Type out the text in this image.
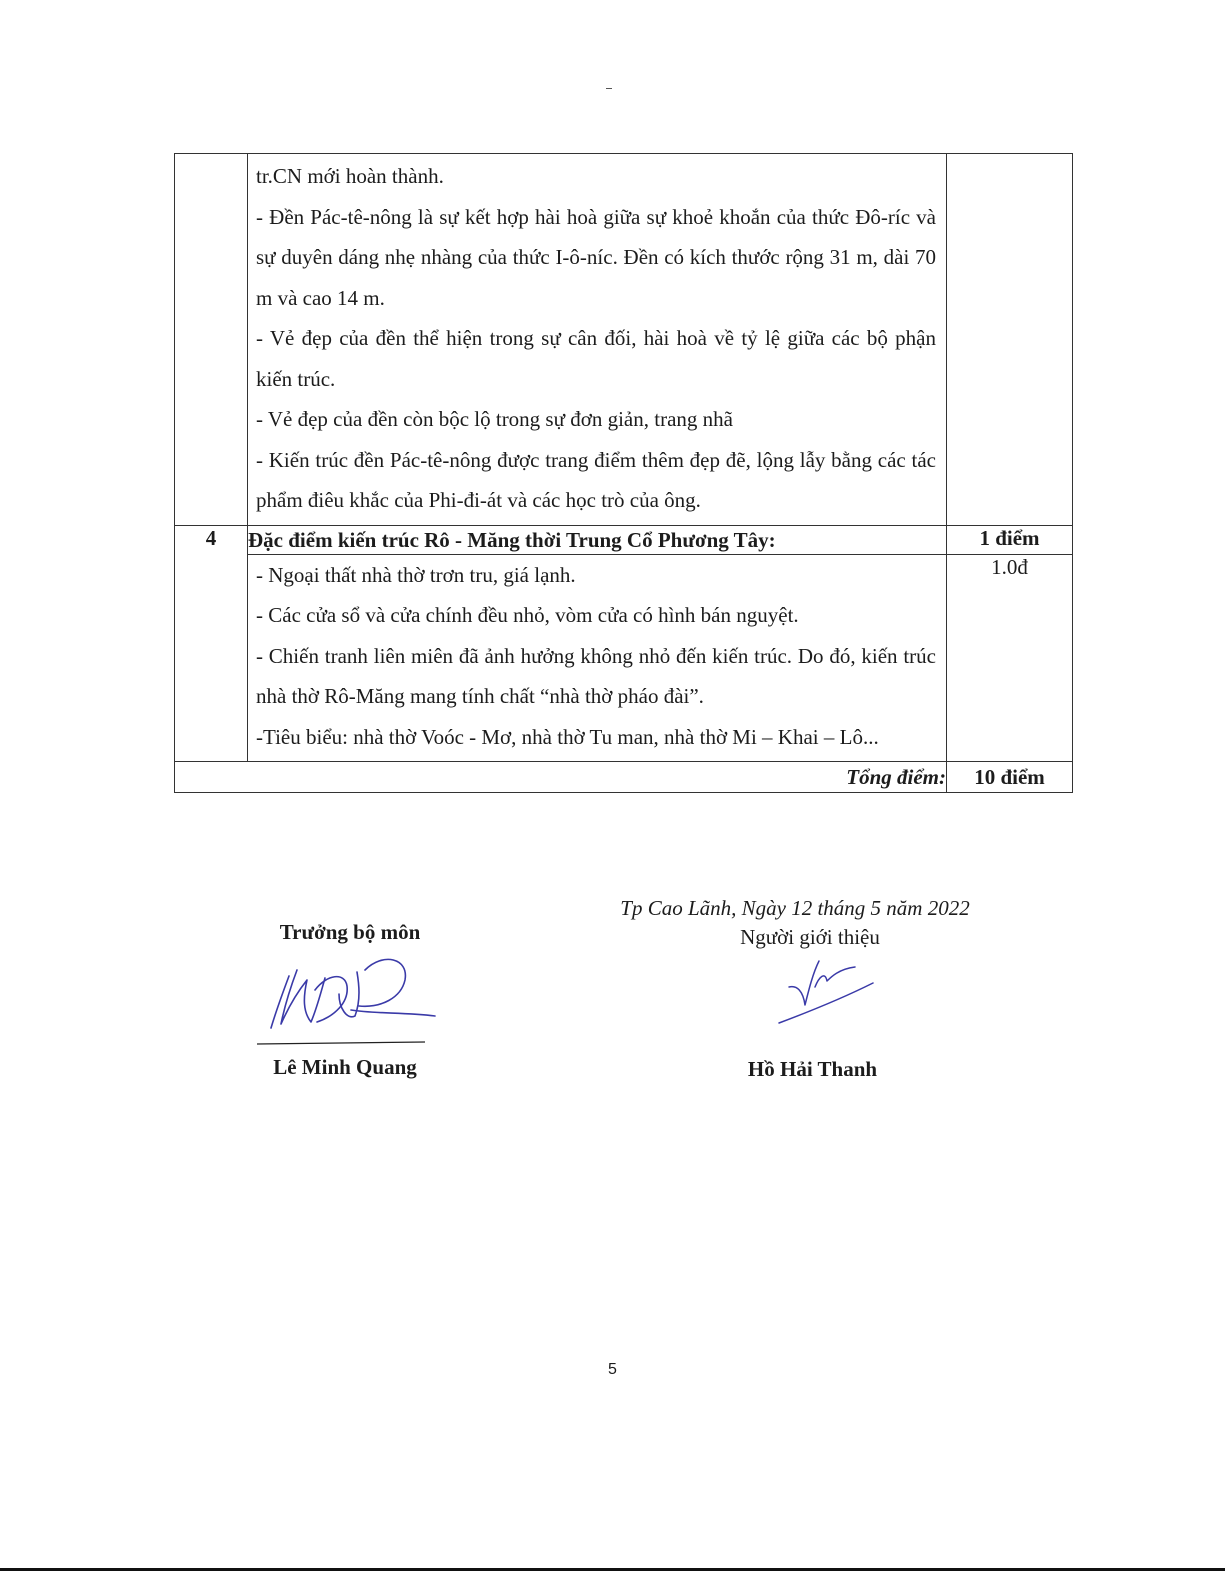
	tr.CN mới hoàn thành.

- Đền Pác-tê-nông là sự kết hợp hài hoà giữa sự khoẻ khoắn của thức Đô-ríc và sự duyên dáng nhẹ nhàng của thức I-ô-níc. Đền có kích thước rộng 31 m, dài 70 m và cao 14 m.

- Vẻ đẹp của đền thể hiện trong sự cân đối, hài hoà về tỷ lệ giữa các bộ phận kiến trúc.

- Vẻ đẹp của đền còn bộc lộ trong sự đơn giản, trang nhã

- Kiến trúc đền Pác-tê-nông được trang điểm thêm đẹp đẽ, lộng lẫy bằng các tác phẩm điêu khắc của Phi-đi-át và các học trò của ông.	

4	Đặc điểm kiến trúc Rô - Măng thời Trung Cổ Phương Tây:	1 điểm

	- Ngoại thất nhà thờ trơn tru, giá lạnh.

- Các cửa sổ và cửa chính đều nhỏ, vòm cửa có hình bán nguyệt.

- Chiến tranh liên miên đã ảnh hưởng không nhỏ đến kiến trúc. Do đó, kiến trúc nhà thờ Rô-Măng mang tính chất “nhà thờ pháo đài”.

-Tiêu biểu: nhà thờ Voóc - Mơ, nhà thờ Tu man, nhà thờ Mi – Khai – Lô...	1.0đ
Tổng điểm:		10 điểm
Trưởng bộ môn
Lê Minh Quang
Tp Cao Lãnh, Ngày 12 tháng 5 năm 2022
Người giới thiệu
Hồ Hải Thanh
5
